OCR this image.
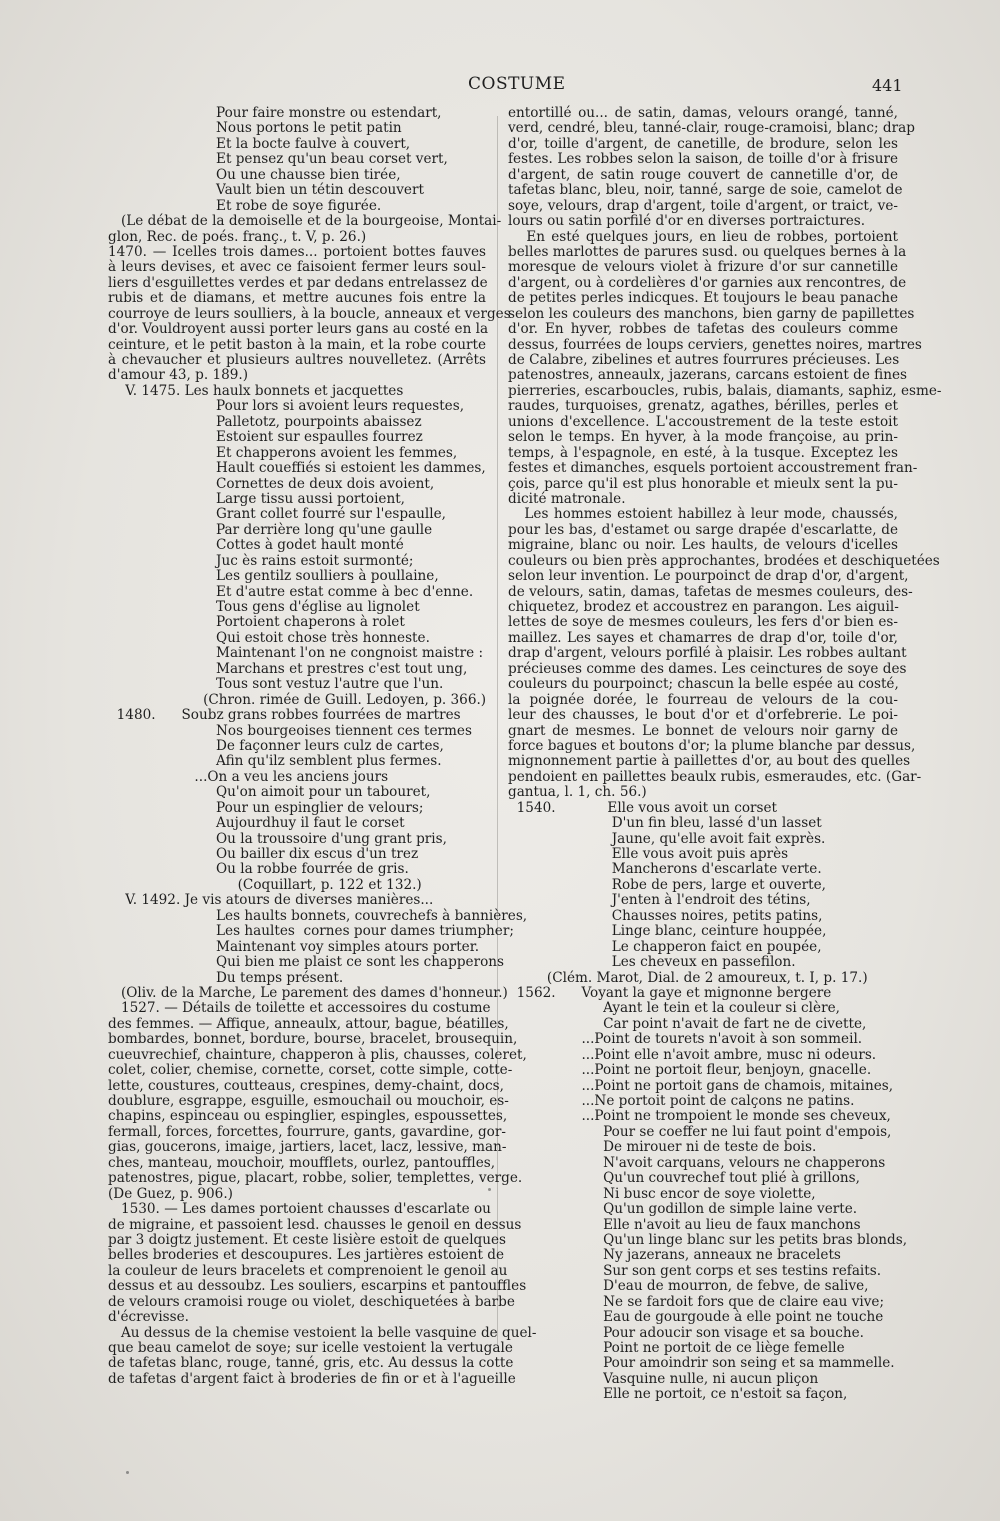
COSTUME	441
Pour faire monstre ou estendart,
Nous portons le petit patin
Et la bocte faulve à couvert,
Et pensez qu'un beau corset vert,
Ou une chausse bien tirée,
Vault bien un tétin descouvert
Et robe de soye figurée.
(Le débat de la demoiselle et de la bourgeoise, Montai-
glon, Rec. de poés. franç., t. V, p. 26.)
1470. — Icelles trois dames... portoient bottes fauves
à leurs devises, et avec ce faisoient fermer leurs soul-
liers d'esguillettes verdes et par dedans entrelassez de
rubis et de diamans, et mettre aucunes fois entre la
courroye de leurs soulliers, à la boucle, anneaux et verges
d'or. Vouldroyent aussi porter leurs gans au costé en la
ceinture, et le petit baston à la main, et la robe courte
à chevaucher et plusieurs aultres nouvelletez. (Arrêts
d'amour 43, p. 189.)
V. 1475. Les haulx bonnets et jacquettes
Pour lors si avoient leurs requestes,
Palletotz, pourpoints abaissez
Estoient sur espaulles fourrez
Et chapperons avoient les femmes,
Hault coueffiés si estoient les dammes,
Cornettes de deux dois avoient,
Large tissu aussi portoient,
Grant collet fourré sur l'espaulle,
Par derrière long qu'une gaulle
Cottes à godet hault monté
Juc ès rains estoit surmonté;
Les gentilz soulliers à poullaine,
Et d'autre estat comme à bec d'enne.
Tous gens d'église au lignolet
Portoient chaperons à rolet
Qui estoit chose très honneste.
Maintenant l'on ne congnoist maistre :
Marchans et prestres c'est tout ung,
Tous sont vestuz l'autre que l'un.
(Chron. rimée de Guill. Ledoyen, p. 366.)
1480.      Soubz grans robbes fourrées de martres
Nos bourgeoises tiennent ces termes
De façonner leurs culz de cartes,
Afin qu'ilz semblent plus fermes.
...On a veu les anciens jours
Qu'on aimoit pour un tabouret,
Pour un espinglier de velours;
Aujourdhuy il faut le corset
Ou la troussoire d'ung grant pris,
Ou bailler dix escus d'un trez
Ou la robbe fourrée de gris.
(Coquillart, p. 122 et 132.)
V. 1492. Je vis atours de diverses manières...
Les haults bonnets, couvrechefs à bannières,
Les haultes  cornes pour dames triumpher;
Maintenant voy simples atours porter.
Qui bien me plaist ce sont les chapperons
Du temps présent.
(Oliv. de la Marche, Le parement des dames d'honneur.)
1527. — Détails de toilette et accessoires du costume
des femmes. — Affique, anneaulx, attour, bague, béatilles,
bombardes, bonnet, bordure, bourse, bracelet, brousequin,
cueuvrechief, chainture, chapperon à plis, chausses, coleret,
colet, colier, chemise, cornette, corset, cotte simple, cotte-
lette, coustures, coutteaus, crespines, demy-chaint, docs,
doublure, esgrappe, esguille, esmouchail ou mouchoir, es-
chapins, espinceau ou espinglier, espingles, espoussettes,
fermall, forces, forcettes, fourrure, gants, gavardine, gor-
gias, goucerons, imaige, jartiers, lacet, lacz, lessive, man-
ches, manteau, mouchoir, moufflets, ourlez, pantouffles,
patenostres, pigue, placart, robbe, solier, templettes, verge.
(De Guez, p. 906.)
1530. — Les dames portoient chausses d'escarlate ou
de migraine, et passoient lesd. chausses le genoil en dessus
par 3 doigtz justement. Et ceste lisière estoit de quelques
belles broderies et descoupures. Les jartières estoient de
la couleur de leurs bracelets et comprenoient le genoil au
dessus et au dessoubz. Les souliers, escarpins et pantouffles
de velours cramoisi rouge ou violet, deschiquetées à barbe
d'écrevisse.
Au dessus de la chemise vestoient la belle vasquine de quel-
que beau camelot de soye; sur icelle vestoient la vertugale
de tafetas blanc, rouge, tanné, gris, etc. Au dessus la cotte
de tafetas d'argent faict à broderies de fin or et à l'agueille
entortillé ou... de satin, damas, velours orangé, tanné,
verd, cendré, bleu, tanné-clair, rouge-cramoisi, blanc; drap
d'or, toille d'argent, de canetille, de brodure, selon les
festes. Les robbes selon la saison, de toille d'or à frisure
d'argent, de satin rouge couvert de cannetille d'or, de
tafetas blanc, bleu, noir, tanné, sarge de soie, camelot de
soye, velours, drap d'argent, toile d'argent, or traict, ve-
lours ou satin porfilé d'or en diverses portraictures.
En esté quelques jours, en lieu de robbes, portoient
belles marlottes de parures susd. ou quelques bernes à la
moresque de velours violet à frizure d'or sur cannetille
d'argent, ou à cordelières d'or garnies aux rencontres, de
de petites perles indicques. Et toujours le beau panache
selon les couleurs des manchons, bien garny de papillettes
d'or. En hyver, robbes de tafetas des couleurs comme
dessus, fourrées de loups cerviers, genettes noires, martres
de Calabre, zibelines et autres fourrures précieuses. Les
patenostres, anneaulx, jazerans, carcans estoient de fines
pierreries, escarboucles, rubis, balais, diamants, saphiz, esme-
raudes, turquoises, grenatz, agathes, bérilles, perles et
unions d'excellence. L'accoustrement de la teste estoit
selon le temps. En hyver, à la mode françoise, au prin-
temps, à l'espagnole, en esté, à la tusque. Exceptez les
festes et dimanches, esquels portoient accoustrement fran-
çois, parce qu'il est plus honorable et mieulx sent la pu-
dicité matronale.
Les hommes estoient habillez à leur mode, chaussés,
pour les bas, d'estamet ou sarge drapée d'escarlatte, de
migraine, blanc ou noir. Les haults, de velours d'icelles
couleurs ou bien près approchantes, brodées et deschiquetées
selon leur invention. Le pourpoinct de drap d'or, d'argent,
de velours, satin, damas, tafetas de mesmes couleurs, des-
chiquetez, brodez et accoustrez en parangon. Les aiguil-
lettes de soye de mesmes couleurs, les fers d'or bien es-
maillez. Les sayes et chamarres de drap d'or, toile d'or,
drap d'argent, velours porfilé à plaisir. Les robbes aultant
précieuses comme des dames. Les ceinctures de soye des
couleurs du pourpoinct; chascun la belle espée au costé,
la poignée dorée, le fourreau de velours de la cou-
leur des chausses, le bout d'or et d'orfebrerie. Le poi-
gnart de mesmes. Le bonnet de velours noir garny de
force bagues et boutons d'or; la plume blanche par dessus,
mignonnement partie à paillettes d'or, au bout des quelles
pendoient en paillettes beaulx rubis, esmeraudes, etc. (Gar-
gantua, l. 1, ch. 56.)
1540.            Elle vous avoit un corset
D'un fin bleu, lassé d'un lasset
Jaune, qu'elle avoit fait exprès.
Elle vous avoit puis après
Mancherons d'escarlate verte.
Robe de pers, large et ouverte,
J'enten à l'endroit des tétins,
Chausses noires, petits patins,
Linge blanc, ceinture houppée,
Le chapperon faict en poupée,
Les cheveux en passefilon.
(Clém. Marot, Dial. de 2 amoureux, t. I, p. 17.)
1562.      Voyant la gaye et mignonne bergere
Ayant le tein et la couleur si clère,
Car point n'avait de fart ne de civette,
...Point de tourets n'avoit à son sommeil.
...Point elle n'avoit ambre, musc ni odeurs.
...Point ne portoit fleur, benjoyn, gnacelle.
...Point ne portoit gans de chamois, mitaines,
...Ne portoit point de calçons ne patins.
...Point ne trompoient le monde ses cheveux,
Pour se coeffer ne lui faut point d'empois,
De mirouer ni de teste de bois.
N'avoit carquans, velours ne chapperons
Qu'un couvrechef tout plié à grillons,
Ni busc encor de soye violette,
Qu'un godillon de simple laine verte.
Elle n'avoit au lieu de faux manchons
Qu'un linge blanc sur les petits bras blonds,
Ny jazerans, anneaux ne bracelets
Sur son gent corps et ses testins refaits.
D'eau de mourron, de febve, de salive,
Ne se fardoit fors que de claire eau vive;
Eau de gourgoude à elle point ne touche
Pour adoucir son visage et sa bouche.
Point ne portoit de ce liège femelle
Pour amoindrir son seing et sa mammelle.
Vasquine nulle, ni aucun pliçon
Elle ne portoit, ce n'estoit sa façon,
